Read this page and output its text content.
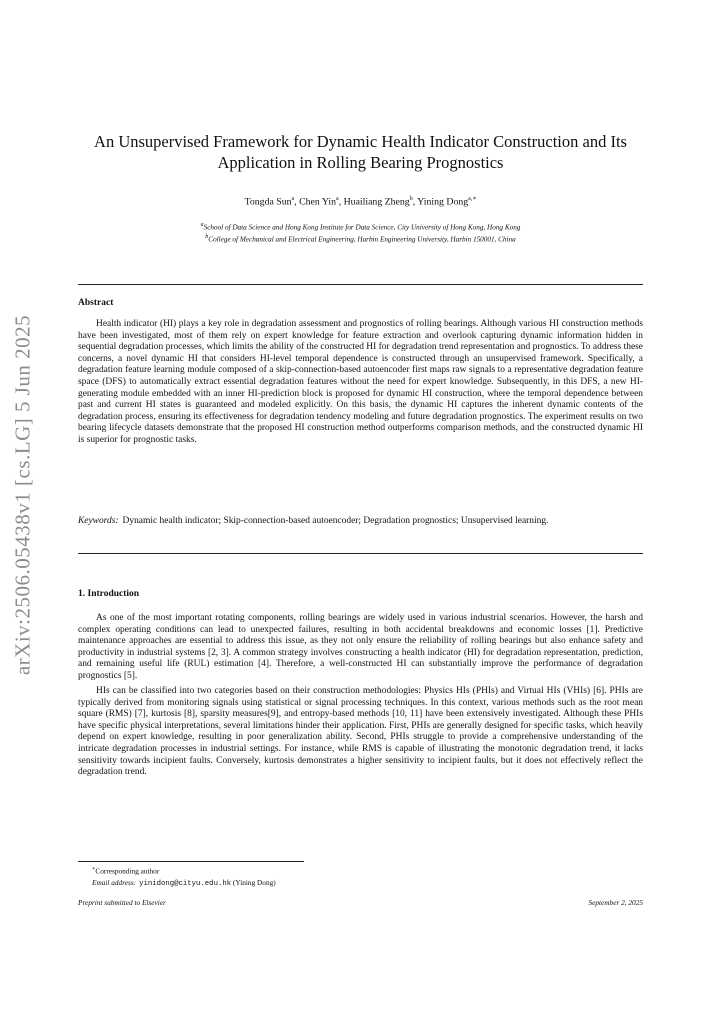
arXiv:2506.05438v1 [cs.LG] 5 Jun 2025
An Unsupervised Framework for Dynamic Health Indicator Construction and Its Application in Rolling Bearing Prognostics
Tongda Sun$^a$, Chen Yin$^a$, Huailiang Zheng$^b$, Yining Dong$^{a,∗}$
$^a$School of Data Science and Hong Kong Institute for Data Science, City University of Hong Kong, Hong Kong
$^b$College of Mechanical and Electrical Engineering, Harbin Engineering University, Harbin 150001, China
Abstract

Health indicator (HI) plays a key role in degradation assessment and prognostics of rolling bearings. Although various HI construction methods have been investigated, most of them rely on expert knowledge for feature extraction and overlook capturing dynamic information hidden in sequential degradation processes, which limits the ability of the constructed HI for degradation trend representation and prognostics. To address these concerns, a novel dynamic HI that considers HI-level temporal dependence is constructed through an unsupervised framework. Specifically, a degradation feature learning module composed of a skip-connection-based autoencoder first maps raw signals to a representative degradation feature space (DFS) to automatically extract essential degradation features without the need for expert knowledge. Subsequently, in this DFS, a new HI-generating module embedded with an inner HI-prediction block is proposed for dynamic HI construction, where the temporal dependence between past and current HI states is guaranteed and modeled explicitly. On this basis, the dynamic HI captures the inherent dynamic contents of the degradation process, ensuring its effectiveness for degradation tendency modeling and future degradation prognostics. The experiment results on two bearing lifecycle datasets demonstrate that the proposed HI construction method outperforms comparison methods, and the constructed dynamic HI is superior for prognostic tasks.

Keywords: Dynamic health indicator; Skip-connection-based autoencoder; Degradation prognostics; Unsupervised learning.

1. Introduction

As one of the most important rotating components, rolling bearings are widely used in various industrial scenarios. However, the harsh and complex operating conditions can lead to unexpected failures, resulting in both accidental breakdowns and economic losses [1]. Predictive maintenance approaches are essential to address this issue, as they not only ensure the reliability of rolling bearings but also enhance safety and productivity in industrial systems [2, 3]. A common strategy involves constructing a health indicator (HI) for degradation representation, prediction, and remaining useful life (RUL) estimation [4]. Therefore, a well-constructed HI can substantially improve the performance of degradation prognostics [5].

HIs can be classified into two categories based on their construction methodologies: Physics HIs (PHIs) and Virtual HIs (VHIs) [6]. PHIs are typically derived from monitoring signals using statistical or signal processing techniques. In this context, various methods such as the root mean square (RMS) [7], kurtosis [8], sparsity measures[9], and entropy-based methods [10, 11] have been extensively investigated. Although these PHIs have specific physical interpretations, several limitations hinder their application. First, PHIs are generally designed for specific tasks, which heavily depend on expert knowledge, resulting in poor generalization ability. Second, PHIs struggle to provide a comprehensive understanding of the intricate degradation processes in industrial settings. For instance, while RMS is capable of illustrating the monotonic degradation trend, it lacks sensitivity towards incipient faults. Conversely, kurtosis demonstrates a higher sensitivity to incipient faults, but it does not effectively reflect the degradation trend.

∗Corresponding author
Email address: yinidong@cityu.edu.hk (Yining Dong)
Preprint submitted to Elsevier	September 2, 2025
